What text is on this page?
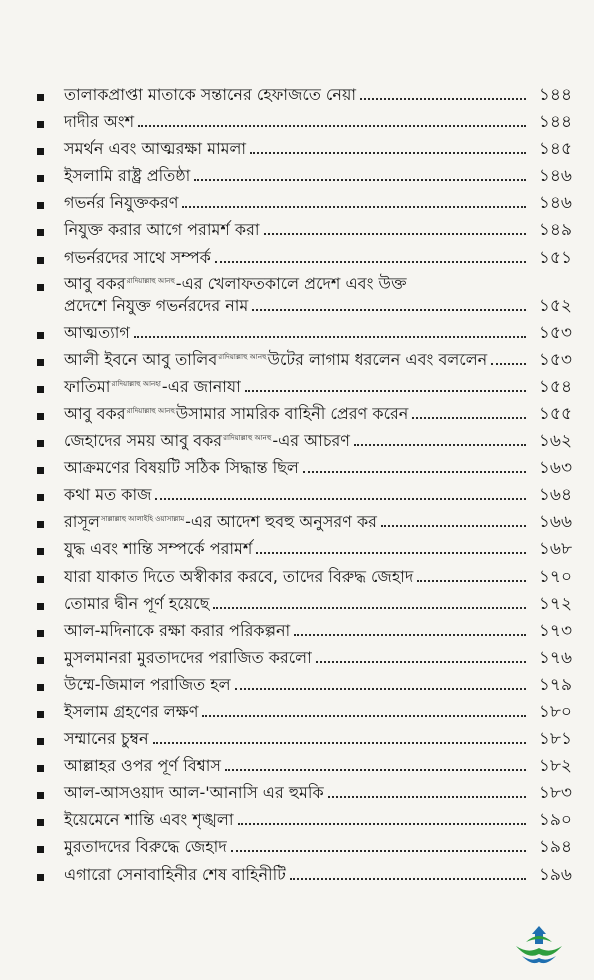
তালাকপ্রাপ্তা মাতাকে সন্তানের হেফাজতে নেয়া	১৪৪
দাদীর অংশ	১৪৪
সমর্থন এবং আত্মরক্ষা মামলা	১৪৫
ইসলামি রাষ্ট্র প্রতিষ্ঠা	১৪৬
গভর্নর নিযুক্তকরণ	১৪৬
নিযুক্ত করার আগে পরামর্শ করা	১৪৯
গভর্নরদের সাথে সম্পর্ক	১৫১
আবু বকররাদিয়াল্লাহু আনহু-এর খেলাফতকালে প্রদেশ এবং উক্ত
প্রদেশে নিযুক্ত গভর্নরদের নাম	১৫২
আত্মত্যাগ	১৫৩
আলী ইবনে আবু তালিবরাদিয়াল্লাহু আনহুউটের লাগাম ধরলেন এবং বললেন	১৫৩
ফাতিমারাদিয়াল্লাহু আনহা-এর জানাযা	১৫৪
আবু বকররাদিয়াল্লাহু আনহুউসামার সামরিক বাহিনী প্রেরণ করেন	১৫৫
জেহাদের সময় আবু বকররাদিয়াল্লাহু আনহু-এর আচরণ	১৬২
আক্রমণের বিষয়টি সঠিক সিদ্ধান্ত ছিল	১৬৩
কথা মত কাজ	১৬৪
রাসূলসাল্লাল্লাহু আলাইহি ওয়াসাল্লাম-এর আদেশ হুবহু অনুসরণ কর	১৬৬
যুদ্ধ এবং শান্তি সম্পর্কে পরামর্শ	১৬৮
যারা যাকাত দিতে অস্বীকার করবে, তাদের বিরুদ্ধ জেহাদ	১৭০
তোমার দ্বীন পূর্ণ হয়েছে	১৭২
আল-মদিনাকে রক্ষা করার পরিকল্পনা	১৭৩
মুসলমানরা মুরতাদদের পরাজিত করলো	১৭৬
উম্মে-জিমাল পরাজিত হল	১৭৯
ইসলাম গ্রহণের লক্ষণ	১৮০
সম্মানের চুম্বন	১৮১
আল্লাহর ওপর পূর্ণ বিশ্বাস	১৮২
আল-আসওয়াদ আল-'আনাসি এর হুমকি	১৮৩
ইয়েমেনে শান্তি এবং শৃঙ্খলা	১৯০
মুরতাদদের বিরুদ্ধে জেহাদ	১৯৪
এগারো সেনাবাহিনীর শেষ বাহিনীটি	১৯৬
